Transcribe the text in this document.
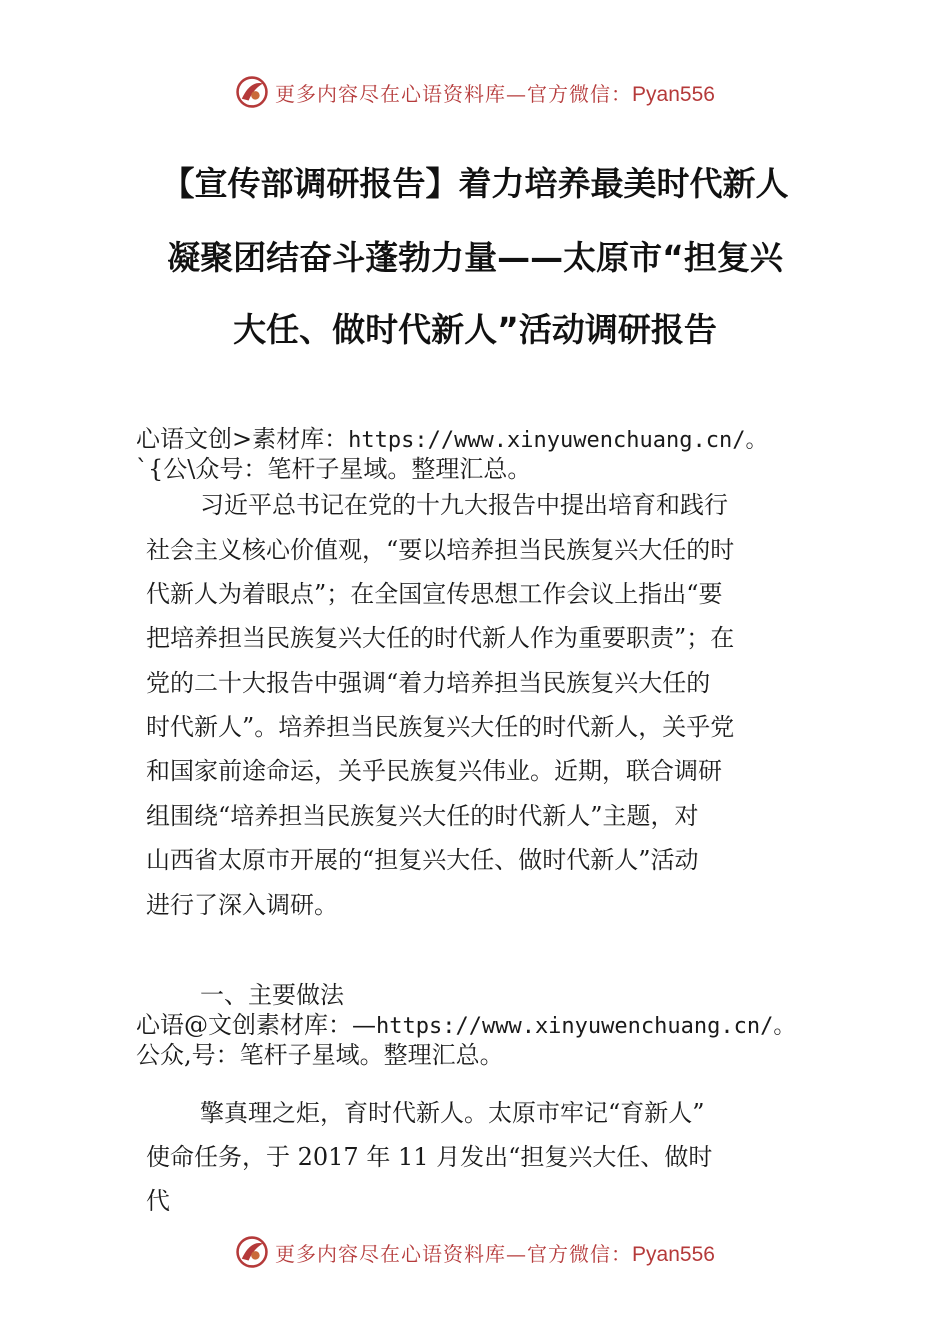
更多内容尽在心语资料库—官方微信：Pyan556
【宣传部调研报告】着力培养最美时代新人
凝聚团结奋斗蓬勃力量——太原市“担复兴
大任、做时代新人”活动调研报告
心语文创>素材库：https://www.xinyuwenchuang.cn/。
`{公\众号：笔杆子星域。整理汇总。
习近平总书记在党的十九大报告中提出培育和践行
社会主义核心价值观，“要以培养担当民族复兴大任的时
代新人为着眼点”；在全国宣传思想工作会议上指出“要
把培养担当民族复兴大任的时代新人作为重要职责”；在
党的二十大报告中强调“着力培养担当民族复兴大任的
时代新人”。培养担当民族复兴大任的时代新人，关乎党
和国家前途命运，关乎民族复兴伟业。近期，联合调研
组围绕“培养担当民族复兴大任的时代新人”主题，对
山西省太原市开展的“担复兴大任、做时代新人”活动
进行了深入调研。
一、主要做法
心语@文创素材库：—https://www.xinyuwenchuang.cn/。
公众,号：笔杆子星域。整理汇总。
擎真理之炬，育时代新人。太原市牢记“育新人”
使命任务，于 2017 年 11 月发出“担复兴大任、做时
代
更多内容尽在心语资料库—官方微信：Pyan556
